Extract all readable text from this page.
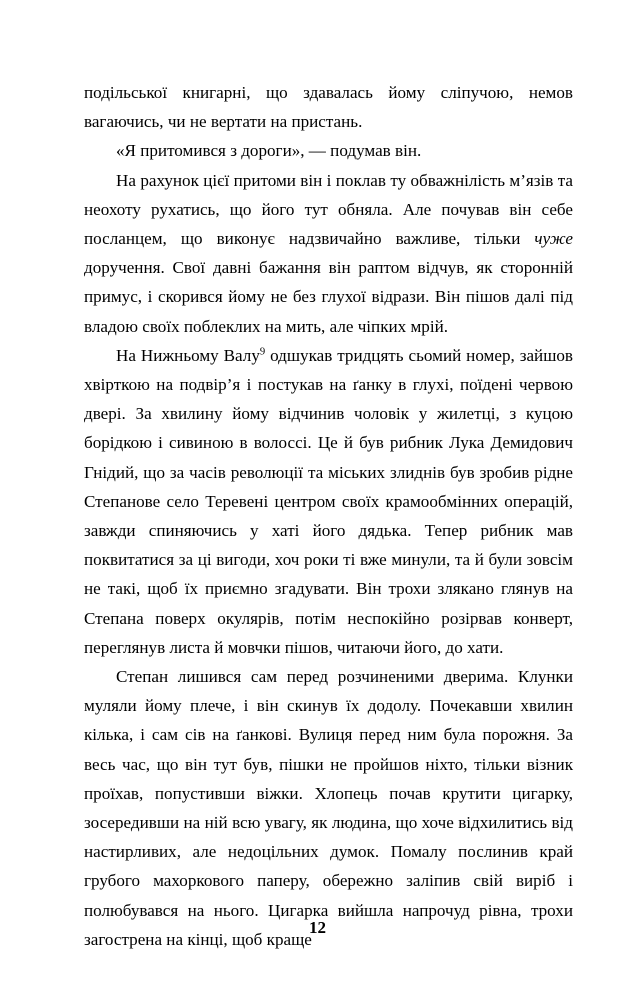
подільської книгарні, що здавалась йому сліпучою, немов вагаючись, чи не вертати на пристань.

«Я притомився з дороги», — подумав він.

На рахунок цієї притоми він і поклав ту обважнілість м’язів та неохоту рухатись, що його тут обняла. Але почував він себе посланцем, що виконує надзвичайно важливе, тільки чуже доручення. Свої давні бажання він раптом відчув, як сторонній примус, і скорився йому не без глухої відрази. Він пішов далі під владою своїх поблеклих на мить, але чіпких мрій.

На Нижньому Валу$^9$ одшукав тридцять сьомий номер, зайшов хвірткою на подвір’я і постукав на ґанку в глухі, поїдені червою двері. За хвилину йому відчинив чоловік у жилетці, з куцою борідкою і сивиною в волоссі. Це й був рибник Лука Демидович Гнідий, що за часів революції та міських злиднів був зробив рідне Степанове село Теревені центром своїх крамообмінних операцій, завжди спиняючись у хаті його дядька. Тепер рибник мав поквитатися за ці вигоди, хоч роки ті вже минули, та й були зовсім не такі, щоб їх приємно згадувати. Він трохи злякано глянув на Степана поверх окулярів, потім неспокійно розірвав конверт, переглянув листа й мовчки пішов, читаючи його, до хати.

Степан лишився сам перед розчиненими дверима. Клунки муляли йому плече, і він скинув їх додолу. Почекавши хвилин кілька, і сам сів на ґанкові. Вулиця перед ним була порожня. За весь час, що він тут був, пішки не пройшов ніхто, тільки візник проїхав, попустивши віжки. Хлопець почав крутити цигарку, зосередивши на ній всю увагу, як людина, що хоче відхилитись від настирливих, але недоцільних думок. Помалу послинив край грубого махоркового паперу, обережно заліпив свій виріб і полюбувався на нього. Цигарка вийшла напрочуд рівна, трохи загострена на кінці, щоб краще

12
